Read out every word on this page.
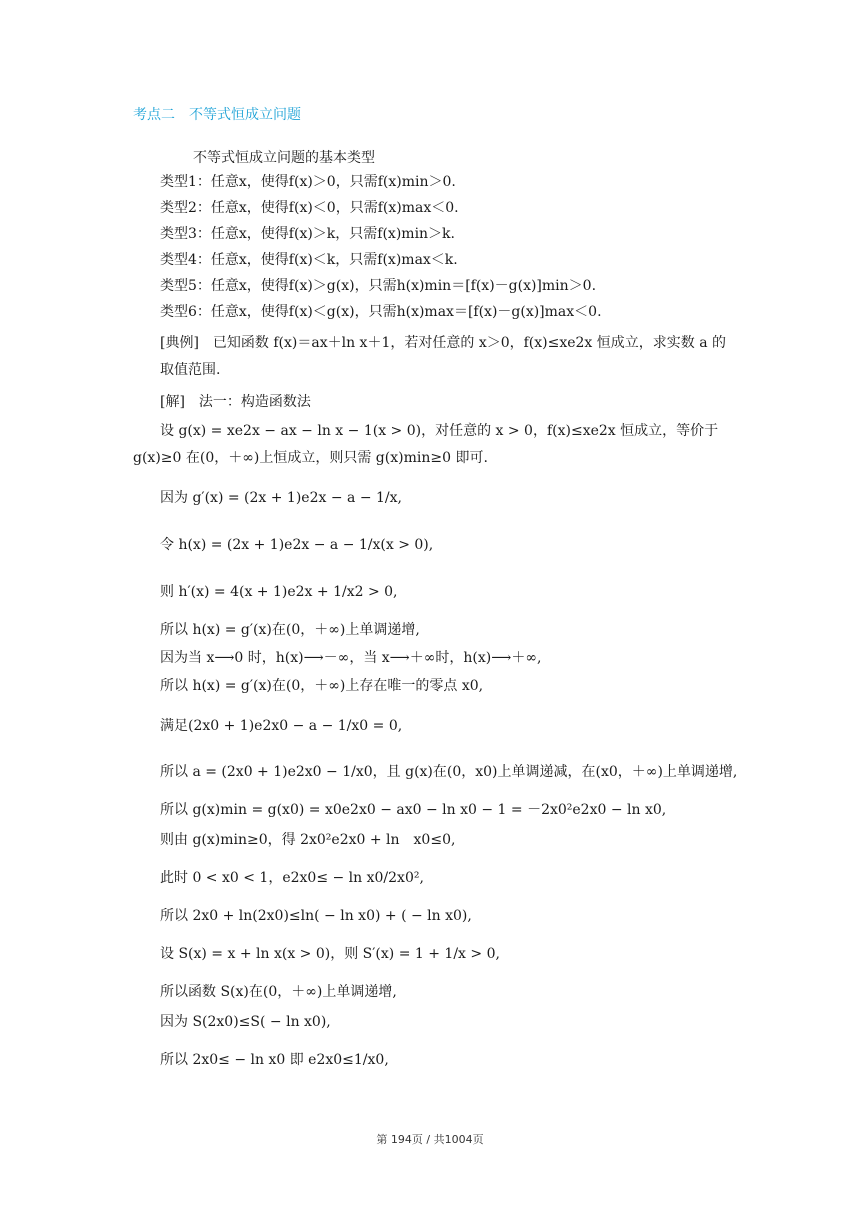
考点二　不等式恒成立问题
不等式恒成立问题的基本类型
类型1：任意x，使得f(x)＞0，只需f(x)min＞0.
类型2：任意x，使得f(x)＜0，只需f(x)max＜0.
类型3：任意x，使得f(x)＞k，只需f(x)min＞k.
类型4：任意x，使得f(x)＜k，只需f(x)max＜k.
类型5：任意x，使得f(x)＞g(x)，只需h(x)min＝[f(x)－g(x)]min＞0.
类型6：任意x，使得f(x)＜g(x)，只需h(x)max＝[f(x)－g(x)]max＜0.
[典例]　已知函数 f(x)＝ax＋ln x＋1，若对任意的 x＞0，f(x)≤xe2x 恒成立，求实数 a 的取值范围.
[解]　法一：构造函数法
设 g(x) = xe2x − ax − ln x − 1(x > 0)，对任意的 x > 0，f(x)≤xe2x 恒成立，等价于 g(x)≥0 在(0，＋∞)上恒成立，则只需 g(x)min≥0 即可.
因为 g′(x) = (2x + 1)e2x − a − 1/x,
令 h(x) = (2x + 1)e2x − a − 1/x(x > 0),
则 h′(x) = 4(x + 1)e2x + 1/x2 > 0,
所以 h(x) = g′(x)在(0，＋∞)上单调递增,
因为当 x⟶0 时，h(x)⟶－∞，当 x⟶＋∞时，h(x)⟶＋∞,
所以 h(x) = g′(x)在(0，＋∞)上存在唯一的零点 x0,
满足(2x0 + 1)e2x0 − a − 1/x0 = 0,
所以 a = (2x0 + 1)e2x0 − 1/x0，且 g(x)在(0，x0)上单调递减，在(x0，＋∞)上单调递增,
所以 g(x)min = g(x0) = x0e2x0 − ax0 − ln x0 − 1 = －2x0²e2x0 − ln x0,
则由 g(x)min≥0，得 2x0²e2x0 + ln　x0≤0,
此时 0 < x0 < 1，e2x0≤ − ln x0/2x0²,
所以 2x0 + ln(2x0)≤ln( − ln x0) + ( − ln x0),
设 S(x) = x + ln x(x > 0)，则 S′(x) = 1 + 1/x > 0,
所以函数 S(x)在(0，＋∞)上单调递增,
因为 S(2x0)≤S( − ln x0),
所以 2x0≤ − ln x0 即 e2x0≤1/x0,
第 194页 / 共1004页
